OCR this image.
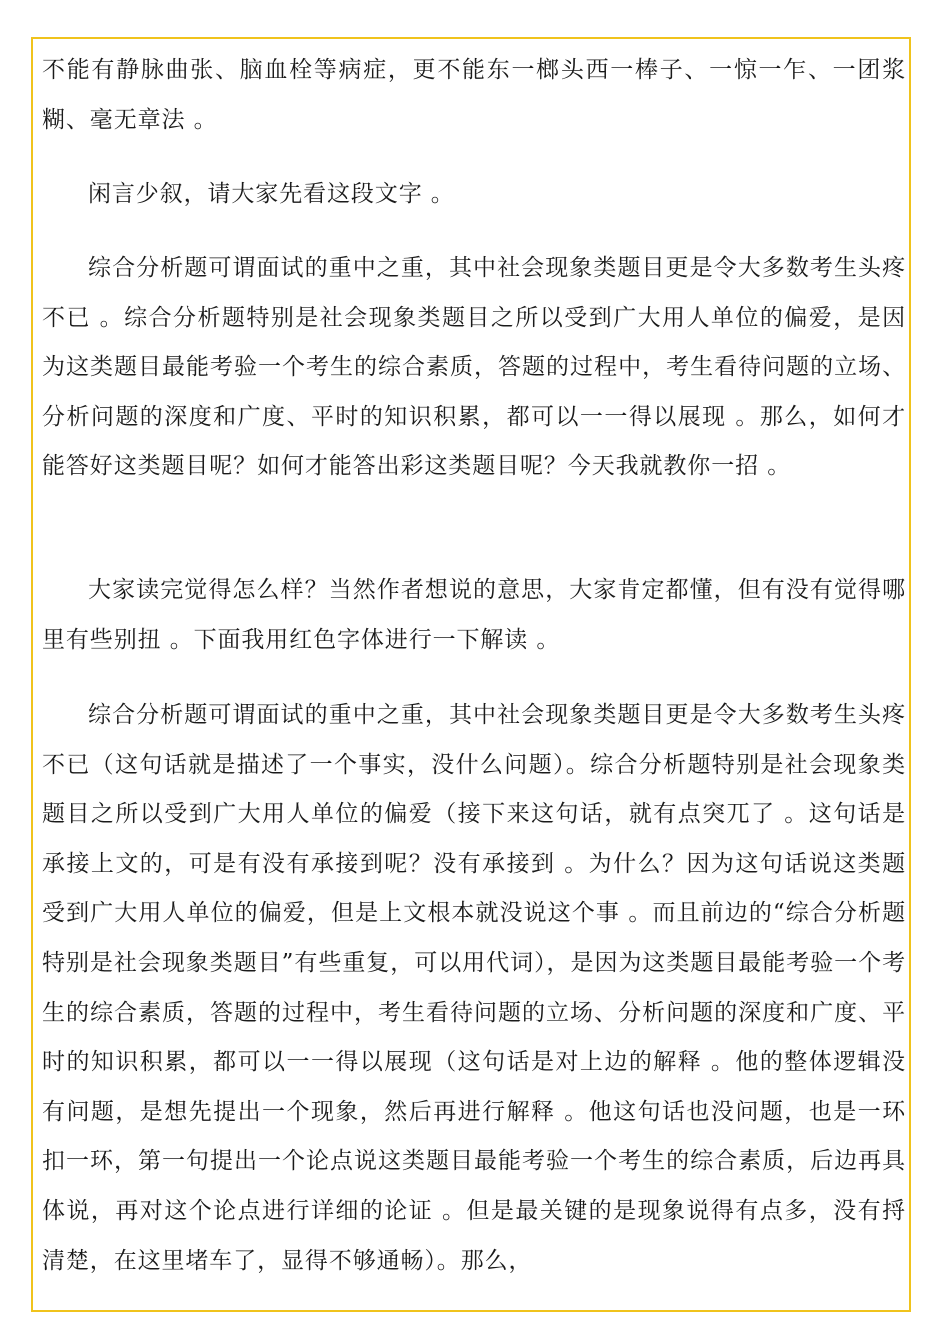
不能有静脉曲张、脑血栓等病症，更不能东一榔头西一棒子、一惊一乍、一团浆糊、毫无章法 。

闲言少叙，请大家先看这段文字 。

综合分析题可谓面试的重中之重，其中社会现象类题目更是令大多数考生头疼不已 。综合分析题特别是社会现象类题目之所以受到广大用人单位的偏爱，是因为这类题目最能考验一个考生的综合素质，答题的过程中，考生看待问题的立场、分析问题的深度和广度、平时的知识积累，都可以一一得以展现 。那么，如何才能答好这类题目呢？如何才能答出彩这类题目呢？今天我就教你一招 。

大家读完觉得怎么样？当然作者想说的意思，大家肯定都懂，但有没有觉得哪里有些别扭 。下面我用红色字体进行一下解读 。

综合分析题可谓面试的重中之重，其中社会现象类题目更是令大多数考生头疼不已（这句话就是描述了一个事实，没什么问题）。综合分析题特别是社会现象类题目之所以受到广大用人单位的偏爱（接下来这句话，就有点突兀了 。这句话是承接上文的，可是有没有承接到呢？没有承接到 。为什么？因为这句话说这类题受到广大用人单位的偏爱，但是上文根本就没说这个事 。而且前边的“综合分析题特别是社会现象类题目”有些重复，可以用代词），是因为这类题目最能考验一个考生的综合素质，答题的过程中，考生看待问题的立场、分析问题的深度和广度、平时的知识积累，都可以一一得以展现（这句话是对上边的解释 。他的整体逻辑没有问题，是想先提出一个现象，然后再进行解释 。他这句话也没问题，也是一环扣一环，第一句提出一个论点说这类题目最能考验一个考生的综合素质，后边再具体说，再对这个论点进行详细的论证 。但是最关键的是现象说得有点多，没有捋清楚，在这里堵车了，显得不够通畅）。那么，
